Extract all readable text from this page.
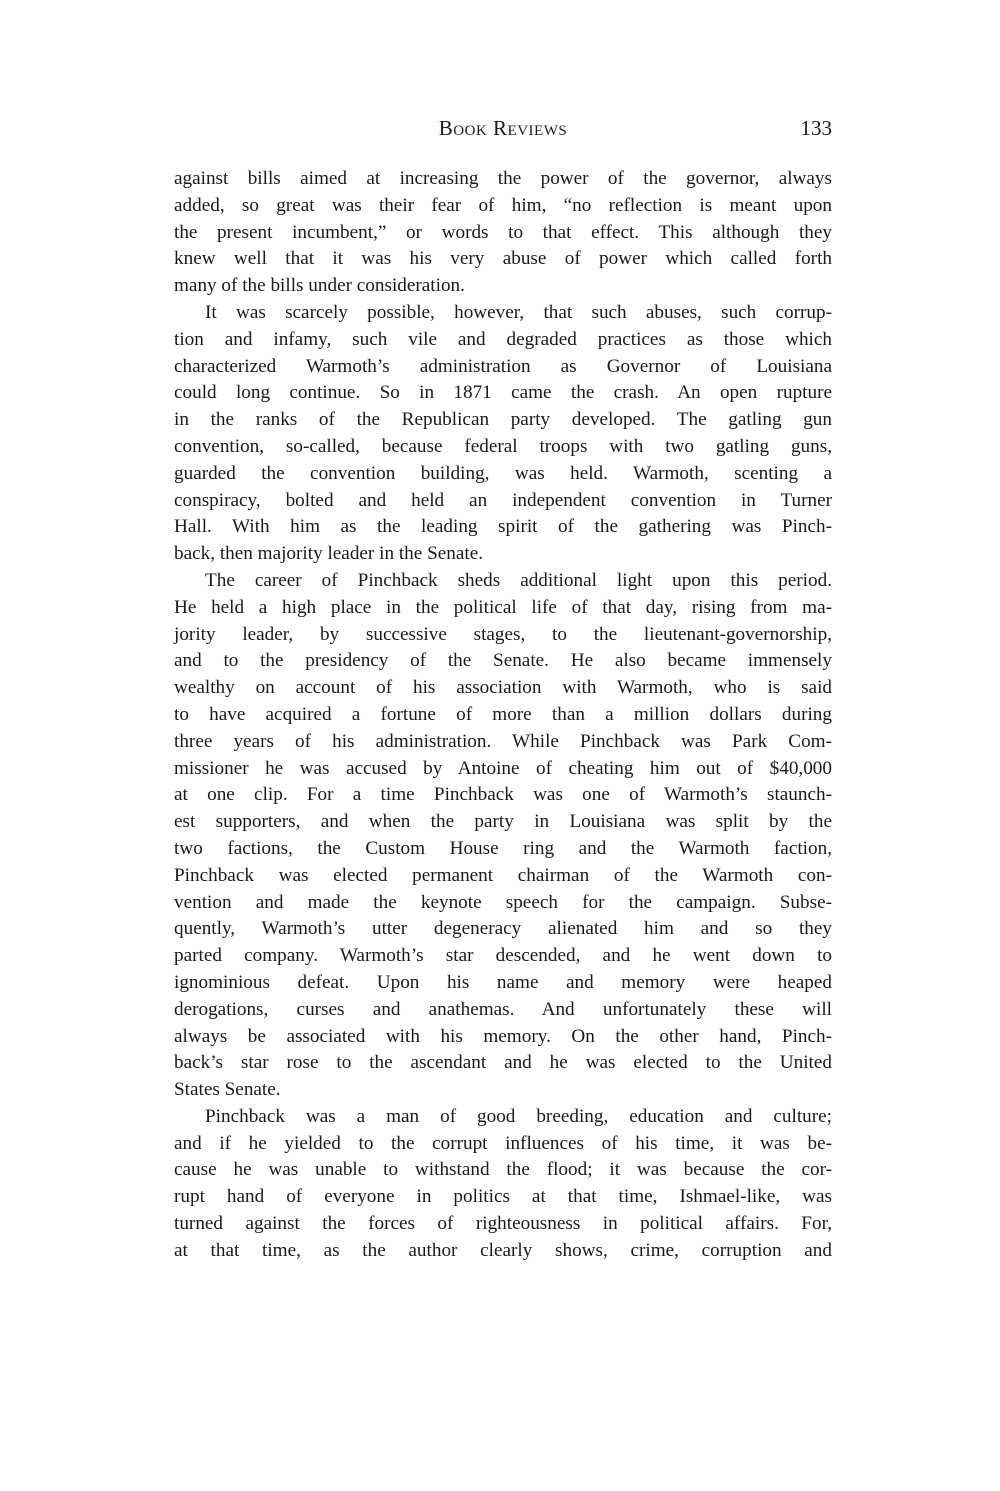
Book Reviews	133
against bills aimed at increasing the power of the governor, always
added, so great was their fear of him, “no reflection is meant upon
the present incumbent,” or words to that effect. This although they
knew well that it was his very abuse of power which called forth
many of the bills under consideration.
It was scarcely possible, however, that such abuses, such corrup-
tion and infamy, such vile and degraded practices as those which
characterized Warmoth’s administration as Governor of Louisiana
could long continue. So in 1871 came the crash. An open rupture
in the ranks of the Republican party developed. The gatling gun
convention, so-called, because federal troops with two gatling guns,
guarded the convention building, was held. Warmoth, scenting a
conspiracy, bolted and held an independent convention in Turner
Hall. With him as the leading spirit of the gathering was Pinch-
back, then majority leader in the Senate.
The career of Pinchback sheds additional light upon this period.
He held a high place in the political life of that day, rising from ma-
jority leader, by successive stages, to the lieutenant-governorship,
and to the presidency of the Senate. He also became immensely
wealthy on account of his association with Warmoth, who is said
to have acquired a fortune of more than a million dollars during
three years of his administration. While Pinchback was Park Com-
missioner he was accused by Antoine of cheating him out of $40,000
at one clip. For a time Pinchback was one of Warmoth’s staunch-
est supporters, and when the party in Louisiana was split by the
two factions, the Custom House ring and the Warmoth faction,
Pinchback was elected permanent chairman of the Warmoth con-
vention and made the keynote speech for the campaign. Subse-
quently, Warmoth’s utter degeneracy alienated him and so they
parted company. Warmoth’s star descended, and he went down to
ignominious defeat. Upon his name and memory were heaped
derogations, curses and anathemas. And unfortunately these will
always be associated with his memory. On the other hand, Pinch-
back’s star rose to the ascendant and he was elected to the United
States Senate.
Pinchback was a man of good breeding, education and culture;
and if he yielded to the corrupt influences of his time, it was be-
cause he was unable to withstand the flood; it was because the cor-
rupt hand of everyone in politics at that time, Ishmael-like, was
turned against the forces of righteousness in political affairs. For,
at that time, as the author clearly shows, crime, corruption and
